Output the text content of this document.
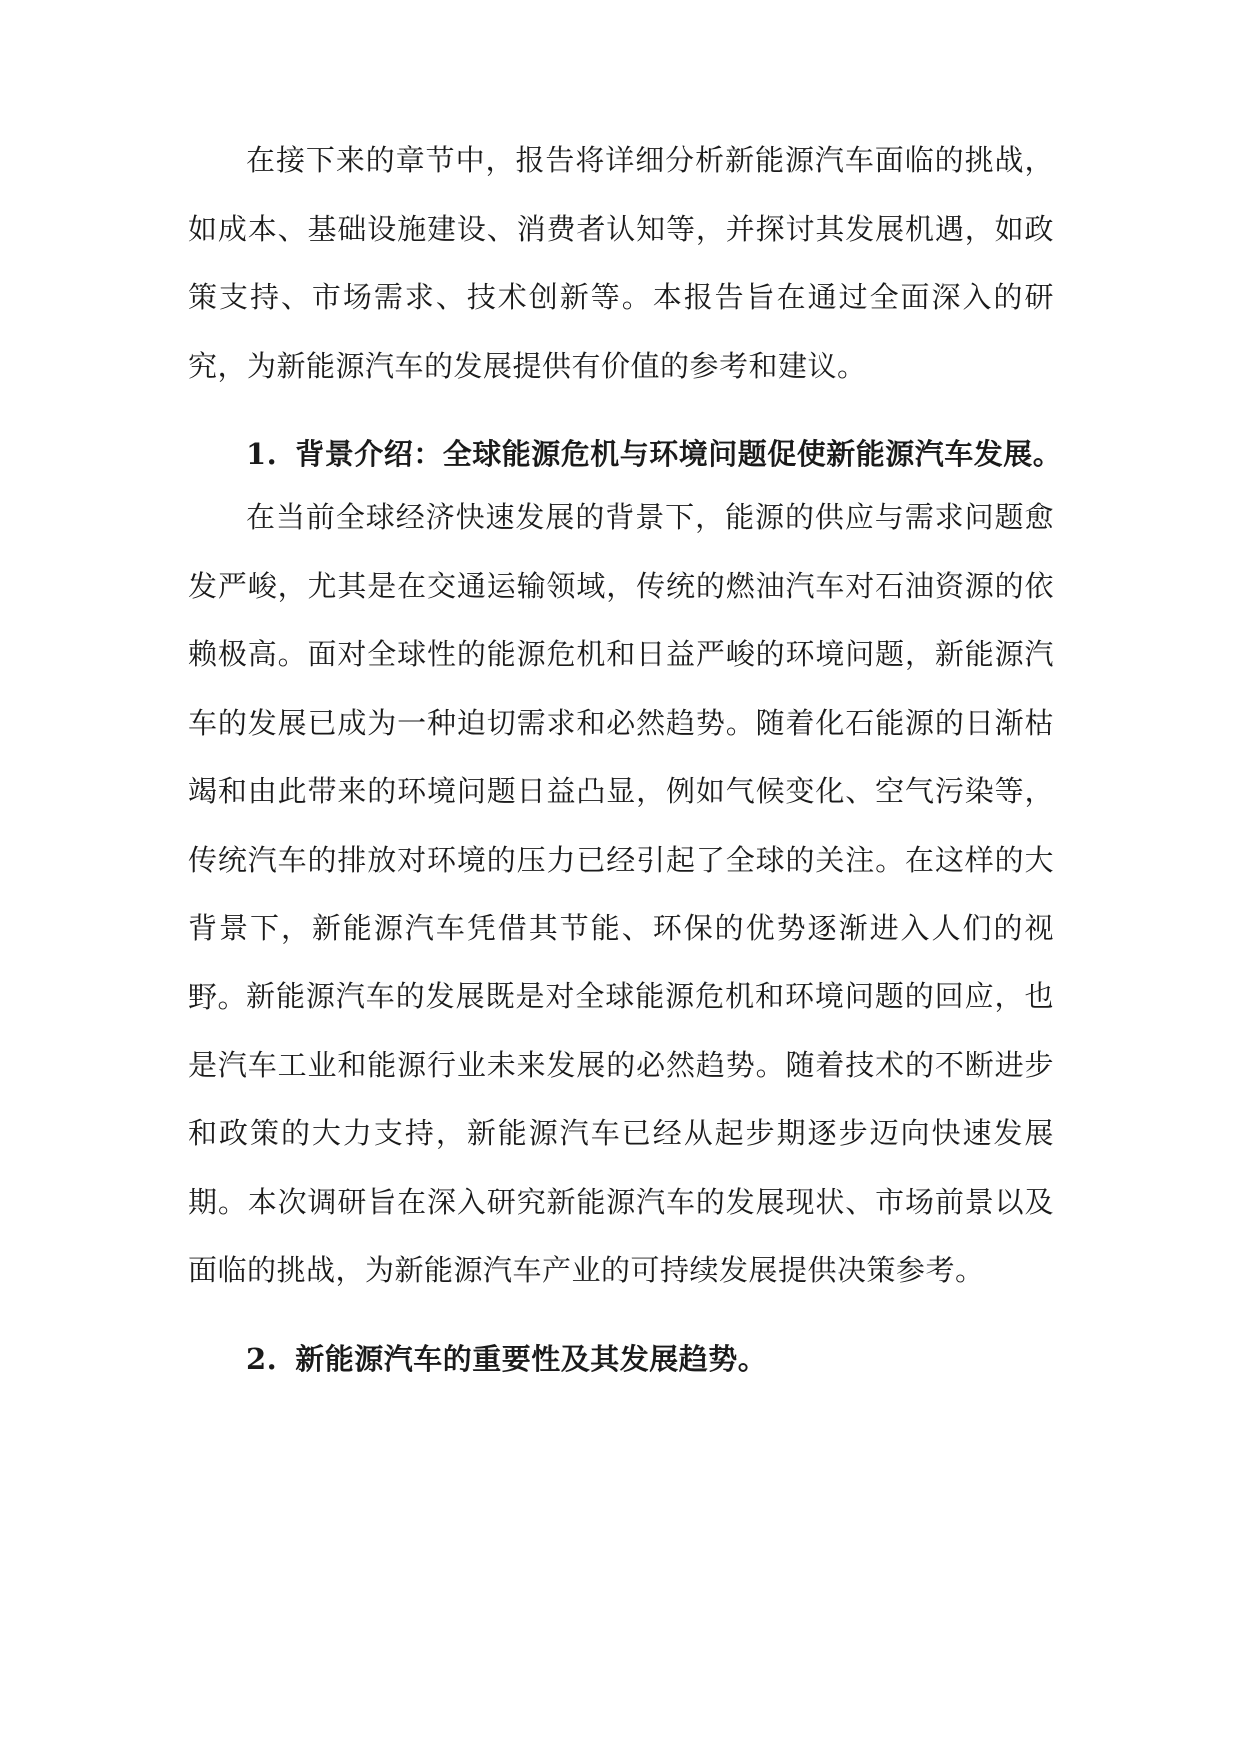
在接下来的章节中，报告将详细分析新能源汽车面临的挑战，如成本、基础设施建设、消费者认知等，并探讨其发展机遇，如政策支持、市场需求、技术创新等。本报告旨在通过全面深入的研究，为新能源汽车的发展提供有价值的参考和建议。

1. 背景介绍：全球能源危机与环境问题促使新能源汽车发展。

在当前全球经济快速发展的背景下，能源的供应与需求问题愈发严峻，尤其是在交通运输领域，传统的燃油汽车对石油资源的依赖极高。面对全球性的能源危机和日益严峻的环境问题，新能源汽车的发展已成为一种迫切需求和必然趋势。随着化石能源的日渐枯竭和由此带来的环境问题日益凸显，例如气候变化、空气污染等，传统汽车的排放对环境的压力已经引起了全球的关注。在这样的大背景下，新能源汽车凭借其节能、环保的优势逐渐进入人们的视野。

新能源汽车的发展既是对全球能源危机和环境问题的回应，也是汽车工业和能源行业未来发展的必然趋势。随着技术的不断进步和政策的大力支持，新能源汽车已经从起步期逐步迈向快速发展期。本次调研旨在深入研究新能源汽车的发展现状、市场前景以及面临的挑战，为新能源汽车产业的可持续发展提供决策参考。

2. 新能源汽车的重要性及其发展趋势。
